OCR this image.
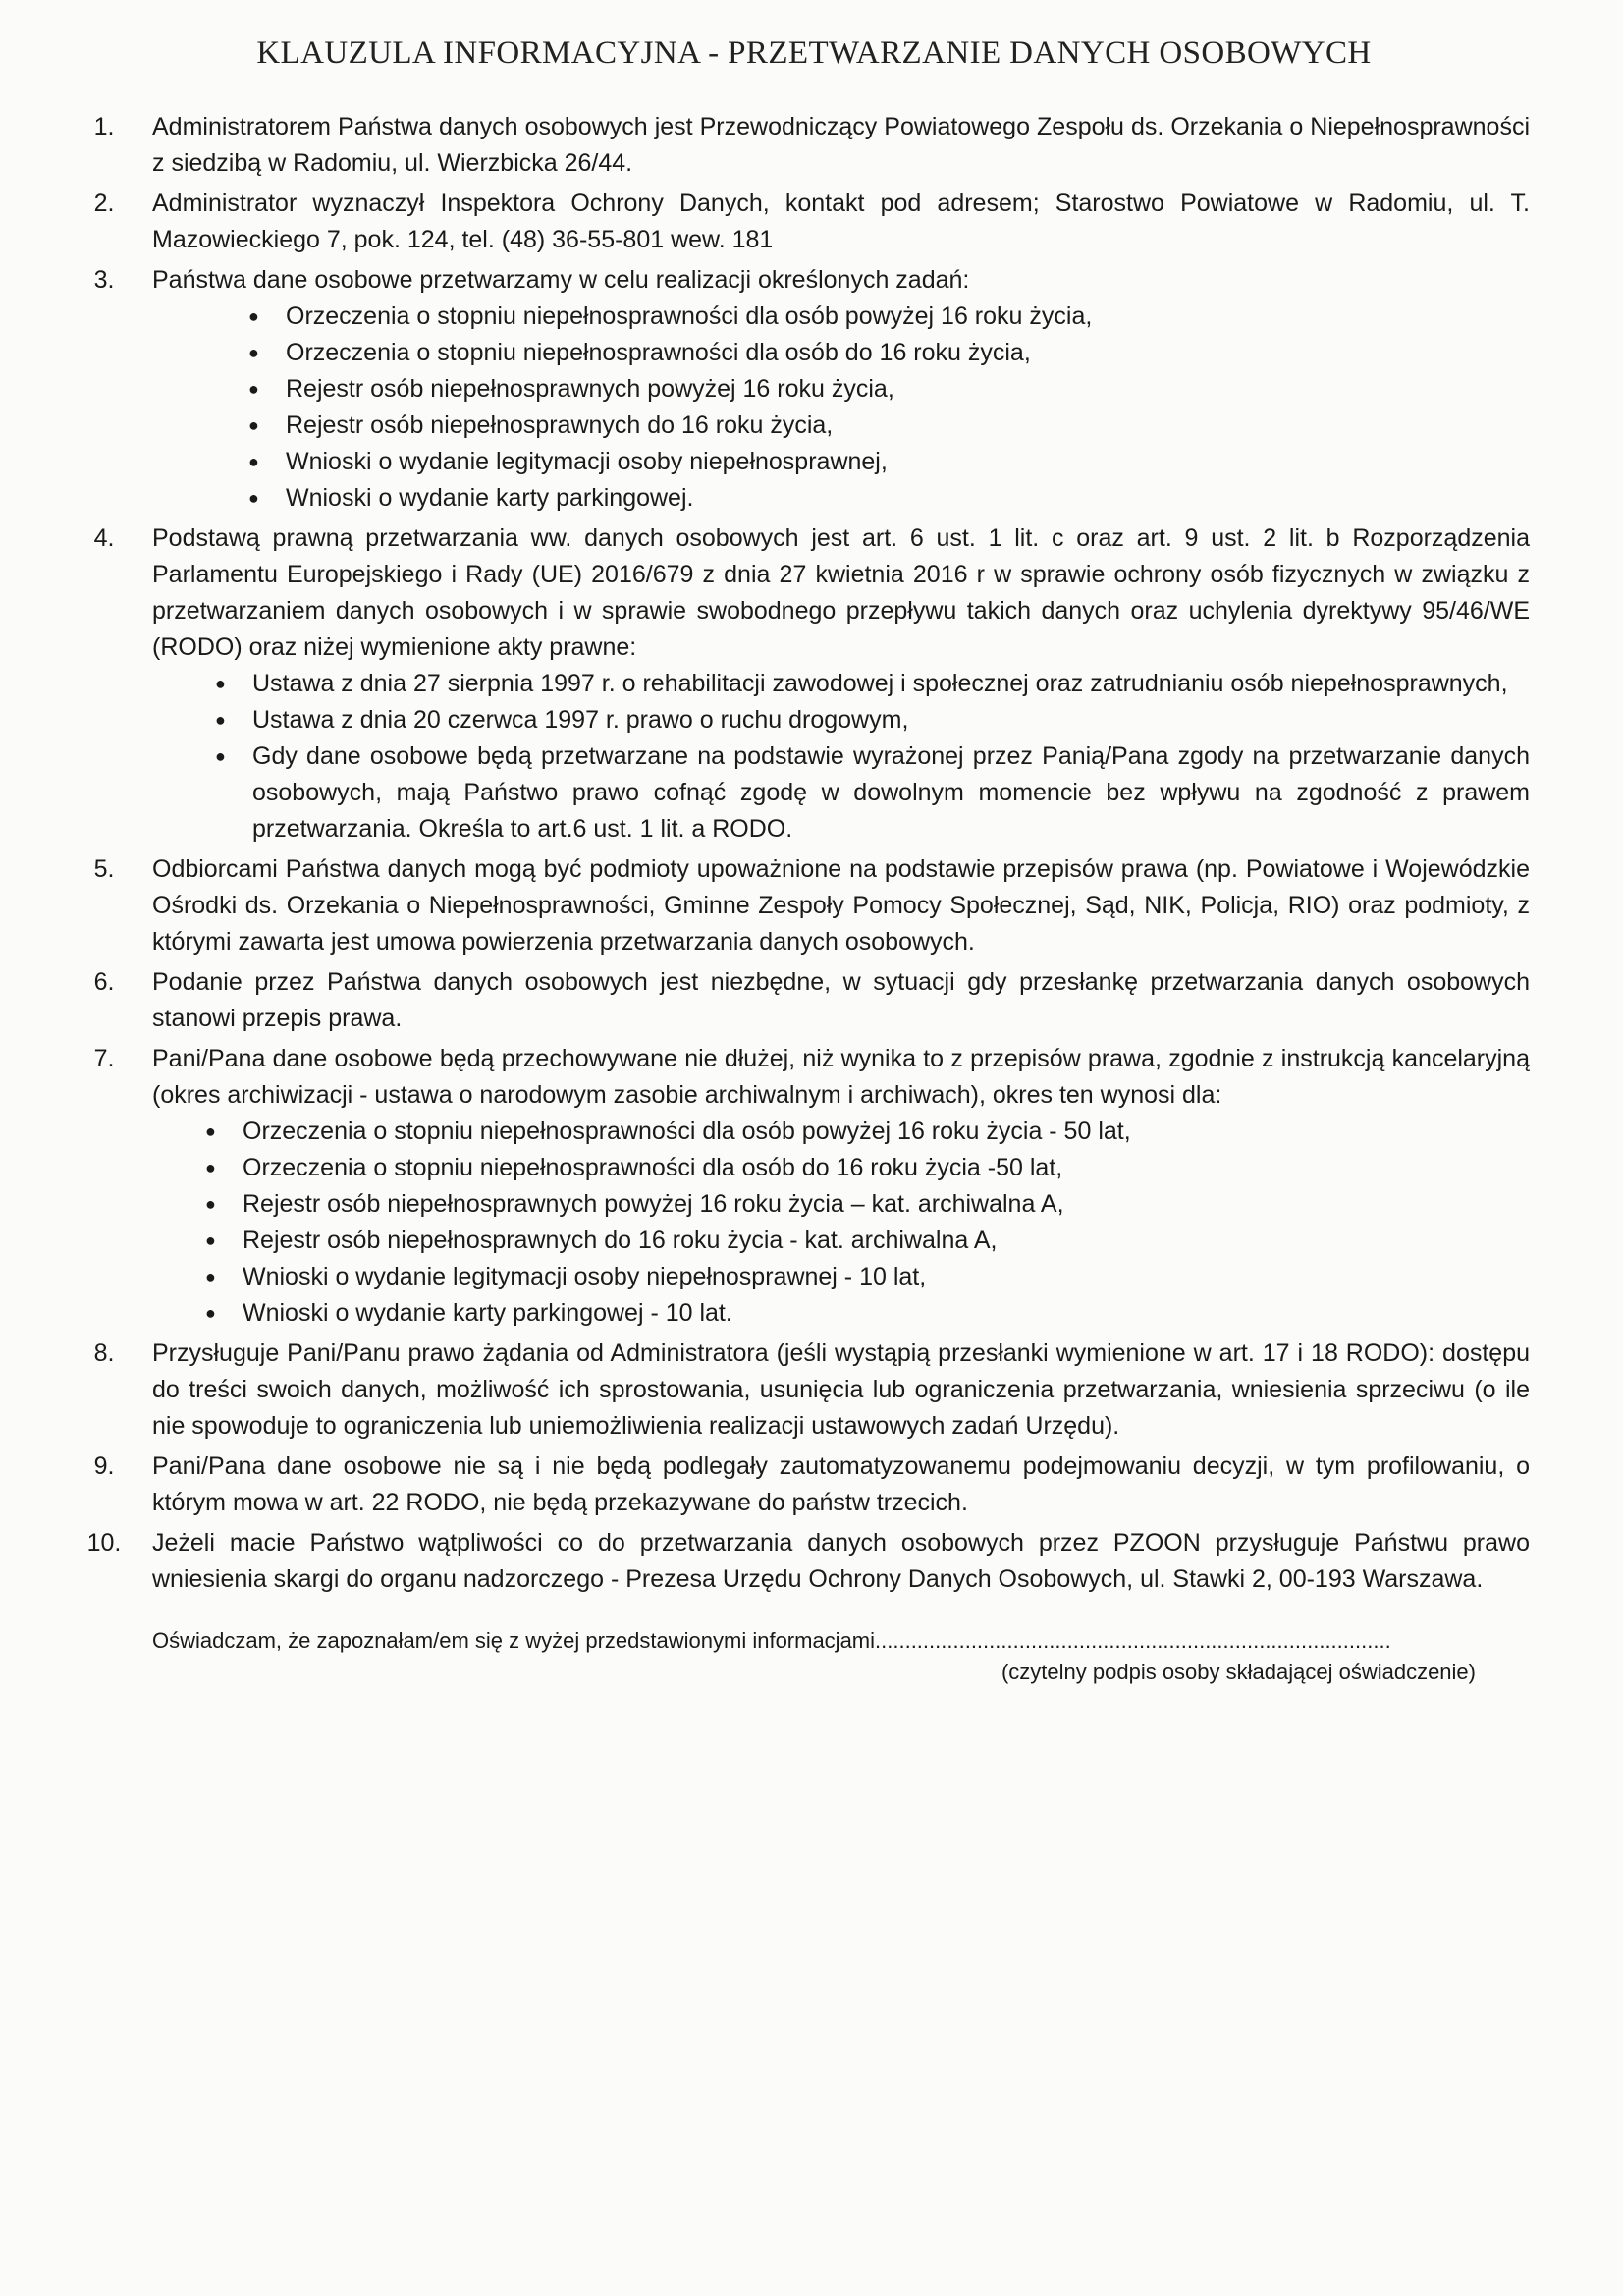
KLAUZULA INFORMACYJNA - PRZETWARZANIE DANYCH OSOBOWYCH
1.	Administratorem Państwa danych osobowych jest Przewodniczący Powiatowego Zespołu ds. Orzekania o Niepełnosprawności z siedzibą w Radomiu, ul. Wierzbicka 26/44.

2.	Administrator wyznaczył Inspektora Ochrony Danych, kontakt pod adresem; Starostwo Powiatowe w Radomiu, ul. T. Mazowieckiego 7, pok. 124, tel. (48) 36-55-801 wew. 181

3.	Państwa dane osobowe przetwarzamy w celu realizacji określonych zadań:

● Orzeczenia o stopniu niepełnosprawności dla osób powyżej 16 roku życia,
● Orzeczenia o stopniu niepełnosprawności dla osób do 16 roku życia,
● Rejestr osób niepełnosprawnych powyżej 16 roku życia,
● Rejestr osób niepełnosprawnych do 16 roku życia,
● Wnioski o wydanie legitymacji osoby niepełnosprawnej,
● Wnioski o wydanie karty parkingowej.
4.	Podstawą prawną przetwarzania ww. danych osobowych jest art. 6 ust. 1 lit. c oraz art. 9 ust. 2 lit. b Rozporządzenia Parlamentu Europejskiego i Rady (UE) 2016/679 z dnia 27 kwietnia 2016 r w sprawie ochrony osób fizycznych w związku z przetwarzaniem danych osobowych i w sprawie swobodnego przepływu takich danych oraz uchylenia dyrektywy 95/46/WE (RODO) oraz niżej wymienione akty prawne:

● Ustawa z dnia 27 sierpnia 1997 r. o rehabilitacji zawodowej i społecznej oraz zatrudnianiu osób niepełnosprawnych,

● Ustawa z dnia 20 czerwca 1997 r. prawo o ruchu drogowym,

● Gdy dane osobowe będą przetwarzane na podstawie wyrażonej przez Panią/Pana zgody na przetwarzanie danych osobowych, mają Państwo prawo cofnąć zgodę w dowolnym momencie bez wpływu na zgodność z prawem przetwarzania. Określa to art.6 ust. 1 lit. a RODO.

5.	Odbiorcami Państwa danych mogą być podmioty upoważnione na podstawie przepisów prawa (np. Powiatowe i Wojewódzkie Ośrodki ds. Orzekania o Niepełnosprawności, Gminne Zespoły Pomocy Społecznej, Sąd, NIK, Policja, RIO) oraz podmioty, z którymi zawarta jest umowa powierzenia przetwarzania danych osobowych.

6.	Podanie przez Państwa danych osobowych jest niezbędne, w sytuacji gdy przesłankę przetwarzania danych osobowych stanowi przepis prawa.

7.	Pani/Pana dane osobowe będą przechowywane nie dłużej, niż wynika to z przepisów prawa, zgodnie z instrukcją kancelaryjną (okres archiwizacji - ustawa o narodowym zasobie archiwalnym i archiwach), okres ten wynosi dla:

● Orzeczenia o stopniu niepełnosprawności dla osób powyżej 16 roku życia - 50 lat,
● Orzeczenia o stopniu niepełnosprawności dla osób do 16 roku życia -50 lat,
● Rejestr osób niepełnosprawnych powyżej 16 roku życia – kat. archiwalna A,
● Rejestr osób niepełnosprawnych do 16 roku życia - kat. archiwalna A,
● Wnioski o wydanie legitymacji osoby niepełnosprawnej - 10 lat,
● Wnioski o wydanie karty parkingowej - 10 lat.
8.	Przysługuje Pani/Panu prawo żądania od Administratora (jeśli wystąpią przesłanki wymienione w art. 17 i 18 RODO): dostępu do treści swoich danych, możliwość ich sprostowania, usunięcia lub ograniczenia przetwarzania, wniesienia sprzeciwu (o ile nie spowoduje to ograniczenia lub uniemożliwienia realizacji ustawowych zadań Urzędu).

9.	Pani/Pana dane osobowe nie są i nie będą podlegały zautomatyzowanemu podejmowaniu decyzji, w tym profilowaniu, o którym mowa w art. 22 RODO, nie będą przekazywane do państw trzecich.

10.	Jeżeli macie Państwo wątpliwości co do przetwarzania danych osobowych przez PZOON przysługuje Państwu prawo wniesienia skargi do organu nadzorczego - Prezesa Urzędu Ochrony Danych Osobowych, ul. Stawki 2, 00-193 Warszawa.

Oświadczam, że zapoznałam/em się z wyżej przedstawionymi informacjami......................................................................................
(czytelny podpis osoby składającej oświadczenie)
